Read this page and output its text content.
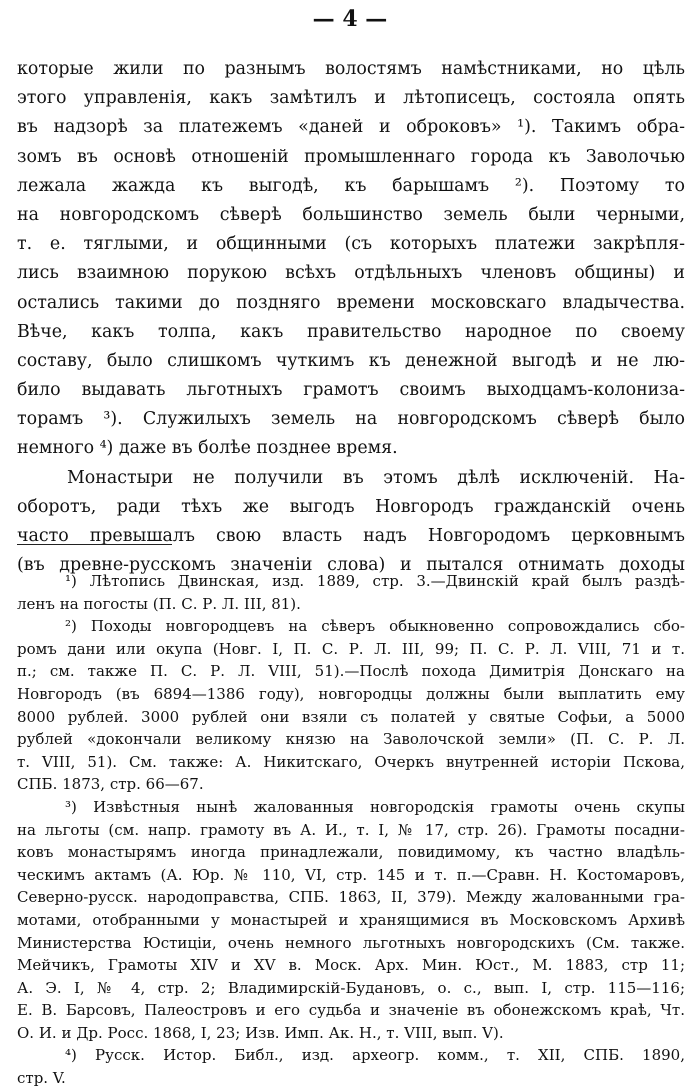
— 4 —
которые жили по разнымъ волостямъ намѣстниками, но цѣль
этого управленія, какъ замѣтилъ и лѣтописецъ, состояла опять
въ надзорѣ за платежемъ «даней и оброковъ» ¹). Такимъ обра-
зомъ въ основѣ отношеній промышленнаго города къ Заволочью
лежала жажда къ выгодѣ, къ барышамъ ²). Поэтому то
на новгородскомъ сѣверѣ большинство земель были черными,
т. е. тяглыми, и общинными (съ которыхъ платежи закрѣпля-
лись взаимною порукою всѣхъ отдѣльныхъ членовъ общины) и
остались такими до поздняго времени московскаго владычества.
Вѣче, какъ толпа, какъ правительство народное по своему
составу, было слишкомъ чуткимъ къ денежной выгодѣ и не лю-
било выдавать льготныхъ грамотъ своимъ выходцамъ-колониза-
торамъ ³). Служилыхъ земель на новгородскомъ сѣверѣ было
немного ⁴) даже въ болѣе позднее время.
Монастыри не получили въ этомъ дѣлѣ исключеній. На-
оборотъ, ради тѣхъ же выгодъ Новгородъ гражданскій очень
часто превышалъ свою власть надъ Новгородомъ церковнымъ
(въ древне-русскомъ значеніи слова) и пытался отнимать доходы
¹) Лѣтопись Двинская, изд. 1889, стр. 3.—Двинскій край былъ раздѣ-
ленъ на погосты (П. С. Р. Л. III, 81).
²) Походы новгородцевъ на сѣверъ обыкновенно сопровождались сбо-
ромъ дани или окупа (Новг. I, П. С. Р. Л. III, 99; П. С. Р. Л. VIII, 71 и т.
п.; см. также П. С. Р. Л. VIII, 51).—Послѣ похода Димитрія Донскаго на
Новгородъ (въ 6894—1386 году), новгородцы должны были выплатить ему
8000 рублей. 3000 рублей они взяли съ полатей у святые Софьи, а 5000
рублей «докончали великому князю на Заволочской земли» (П. С. Р. Л.
т. VIII, 51). См. также: А. Никитскаго, Очеркъ внутренней исторіи Пскова,
СПБ. 1873, стр. 66—67.
³) Извѣстныя нынѣ жалованныя новгородскія грамоты очень скупы
на льготы (см. напр. грамоту въ А. И., т. I, № 17, стр. 26). Грамоты посадни-
ковъ монастырямъ иногда принадлежали, повидимому, къ частно владѣль-
ческимъ актамъ (А. Юр. № 110, VI, стр. 145 и т. п.—Сравн. Н. Костомаровъ,
Северно-русск. народоправства, СПБ. 1863, II, 379). Между жалованными гра-
мотами, отобранными у монастырей и хранящимися въ Московскомъ Архивѣ
Министерства Юстиціи, очень немного льготныхъ новгородскихъ (См. также.
Мейчикъ, Грамоты XIV и XV в. Моск. Арх. Мин. Юст., М. 1883, стр 11;
А. Э. I, № 4, стр. 2; Владимирскій-Будановъ, о. с., вып. I, стр. 115—116;
Е. В. Барсовъ, Палеостровъ и его судьба и значеніе въ обонежскомъ краѣ, Чт.
О. И. и Др. Росс. 1868, I, 23; Изв. Имп. Ак. Н., т. VIII, вып. V).
⁴) Русск. Истор. Библ., изд. археогр. комм., т. XII, СПБ. 1890,
стр. V.
